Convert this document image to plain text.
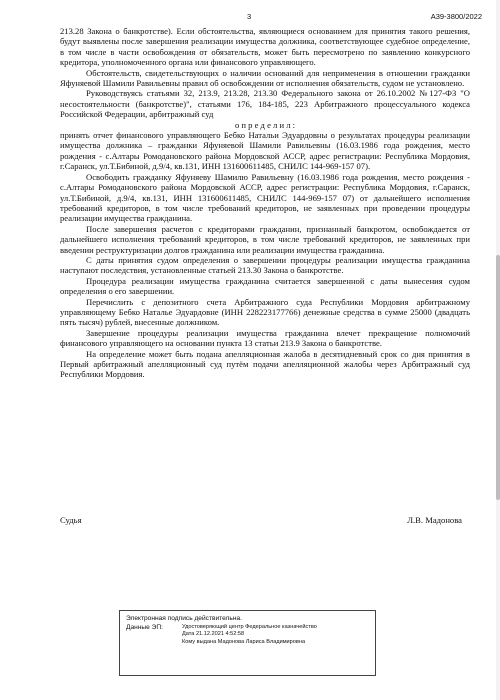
3	А39-3800/2022

213.28 Закона о банкротстве). Если обстоятельства, являющиеся основанием для принятия такого решения, будут выявлены после завершения реализации имущества должника, соответствующее судебное определение, в том числе в части освобождения от обязательств, может быть пересмотрено по заявлению конкурсного кредитора, уполномоченного органа или финансового управляющего.

Обстоятельств, свидетельствующих о наличии оснований для неприменения в отношении гражданки Яфуняевой Шамили Равильевны правил об освобождении от исполнения обязательств, судом не установлено.

Руководствуясь статьями 32, 213.9, 213.28, 213.30 Федерального закона от 26.10.2002 №127-ФЗ "О несостоятельности (банкротстве)", статьями 176, 184-185, 223 Арбитражного процессуального кодекса Российской Федерации, арбитражный суд

о п р е д е л и л :

принять отчет финансового управляющего Бебко Натальи Эдуардовны о результатах процедуры реализации имущества должника – гражданки Яфуняевой Шамили Равильевны (16.03.1986 года рождения, место рождения - с.Алтары Ромодановского района Мордовской АССР, адрес регистрации: Республика Мордовия, г.Саранск, ул.Т.Бибиной, д.9/4, кв.131, ИНН 131600611485, СНИЛС 144-969-157 07).

Освободить гражданку Яфуняеву Шамилю Равильевну (16.03.1986 года рождения, место рождения - с.Алтары Ромодановского района Мордовской АССР, адрес регистрации: Республика Мордовия, г.Саранск, ул.Т.Бибиной, д.9/4, кв.131, ИНН 131600611485, СНИЛС 144-969-157 07) от дальнейшего исполнения требований кредиторов, в том числе требований кредиторов, не заявленных при проведении процедуры реализации имущества гражданина.

После завершения расчетов с кредиторами гражданин, признанный банкротом, освобождается от дальнейшего исполнения требований кредиторов, в том числе требований кредиторов, не заявленных при введении реструктуризации долгов гражданина или реализации имущества гражданина.

С даты принятия судом определения о завершении процедуры реализации имущества гражданина наступают последствия, установленные статьей 213.30 Закона о банкротстве.

Процедура реализации имущества гражданина считается завершенной с даты вынесения судом определения о его завершении.

Перечислить с депозитного счета Арбитражного суда Республики Мордовия арбитражному управляющему Бебко Наталье Эдуардовне (ИНН 228223177766) денежные средства в сумме 25000 (двадцать пять тысяч) рублей, внесенные должником.

Завершение процедуры реализации имущества гражданина влечет прекращение полномочий финансового управляющего на основании пункта 13 статьи 213.9 Закона о банкротстве.

На определение может быть подана апелляционная жалоба в десятидневный срок со дня принятия в Первый арбитражный апелляционный суд путём подачи апелляционной жалобы через Арбитражный суд Республики Мордовия.

Судья	Л.В. Мадонова
Электронная подпись действительна.
Данные ЭП:	Удостоверяющий центр Федеральное казначейство
Дата 21.12.2021 4:52:58
Кому выдана Мадонова Лариса Владимировна
